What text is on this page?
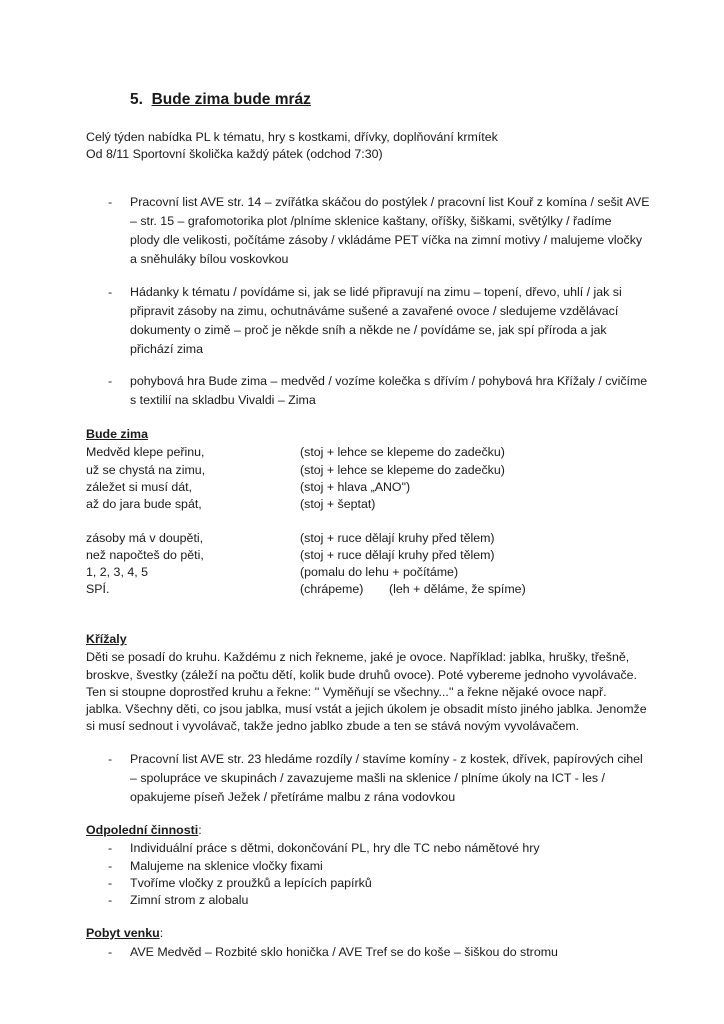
5. Bude zima bude mráz
Celý týden nabídka PL k tématu, hry s kostkami, dřívky, doplňování krmítek
Od 8/11 Sportovní školička každý pátek (odchod 7:30)
- Pracovní list AVE str. 14 – zvířátka skáčou do postýlek / pracovní list Kouř z komína / sešit AVE
– str. 15 – grafomotorika plot /plníme sklenice kaštany, oříšky, šiškami, světýlky / řadíme
plody dle velikosti, počítáme zásoby / vkládáme PET víčka na zimní motivy / malujeme vločky
a sněhuláky bílou voskovkou
- Hádanky k tématu / povídáme si, jak se lidé připravují na zimu – topení, dřevo, uhlí / jak si
připravit zásoby na zimu, ochutnáváme sušené a zavařené ovoce / sledujeme vzdělávací
dokumenty o zimě – proč je někde sníh a někde ne / povídáme se, jak spí příroda a jak
přichází zima
- pohybová hra Bude zima – medvěd / vozíme kolečka s dřívím / pohybová hra Křížaly / cvičíme
s textilií na skladbu Vivaldi – Zima
Bude zima
Medvěd klepe peřinu,	(stoj + lehce se klepeme do zadečku)
už se chystá na zimu,	(stoj + lehce se klepeme do zadečku)
záležet si musí dát,	(stoj + hlava „ANO")
až do jara bude spát,	(stoj + šeptat)
zásoby má v doupěti,	(stoj + ruce dělají kruhy před tělem)
než napočteš do pěti,	(stoj + ruce dělají kruhy před tělem)
1, 2, 3, 4, 5	(pomalu do lehu + počítáme)
SPÍ.	(chrápeme) (leh + děláme, že spíme)
Křížaly
Děti se posadí do kruhu. Každému z nich řekneme, jaké je ovoce. Například: jablka, hrušky, třešně,
broskve, švestky (záleží na počtu dětí, kolik bude druhů ovoce). Poté vybereme jednoho vyvolávače.
Ten si stoupne doprostřed kruhu a řekne: '' Vyměňují se všechny...'' a řekne nějaké ovoce např.
jablka. Všechny děti, co jsou jablka, musí vstát a jejich úkolem je obsadit místo jiného jablka. Jenomže
si musí sednout i vyvolávač, takže jedno jablko zbude a ten se stává novým vyvolávačem.
- Pracovní list AVE str. 23 hledáme rozdíly / stavíme komíny - z kostek, dřívek, papírových cihel
– spolupráce ve skupinách / zavazujeme mašli na sklenice / plníme úkoly na ICT - les /
opakujeme píseň Ježek / přetíráme malbu z rána vodovkou
Odpolední činnosti:
- Individuální práce s dětmi, dokončování PL, hry dle TC nebo námětové hry
- Malujeme na sklenice vločky fixami
- Tvoříme vločky z proužků a lepících papírků
- Zimní strom z alobalu
Pobyt venku:
- AVE Medvěd – Rozbité sklo honička / AVE Tref se do koše – šiškou do stromu
